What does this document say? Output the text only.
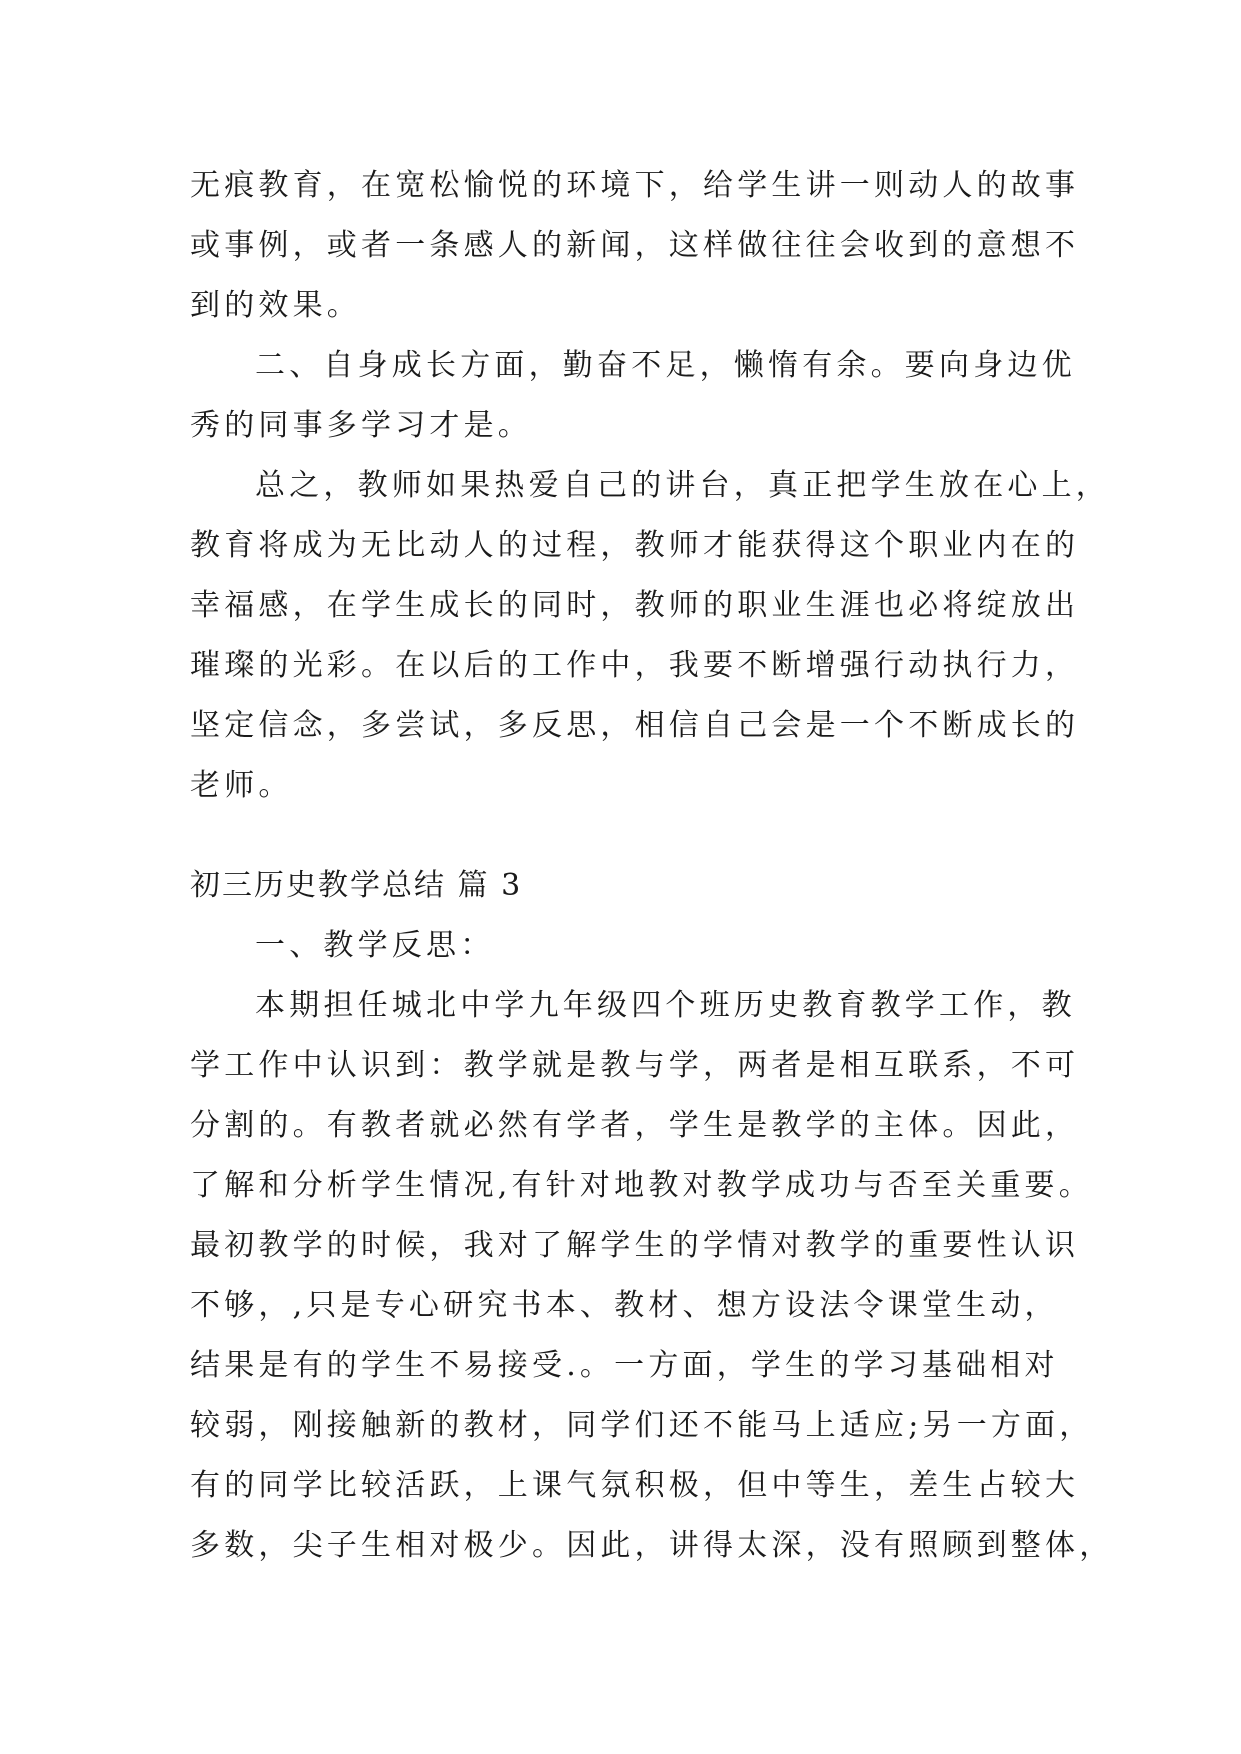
无痕教育，在宽松愉悦的环境下，给学生讲一则动人的故事
或事例，或者一条感人的新闻，这样做往往会收到的意想不
到的效果。
二、自身成长方面，勤奋不足，懒惰有余。要向身边优
秀的同事多学习才是。
总之，教师如果热爱自己的讲台，真正把学生放在心上，
教育将成为无比动人的过程，教师才能获得这个职业内在的
幸福感，在学生成长的同时，教师的职业生涯也必将绽放出
璀璨的光彩。在以后的工作中，我要不断增强行动执行力，
坚定信念，多尝试，多反思，相信自己会是一个不断成长的
老师。
初三历史教学总结 篇 3
一、教学反思：
本期担任城北中学九年级四个班历史教育教学工作，教
学工作中认识到：教学就是教与学，两者是相互联系，不可
分割的。有教者就必然有学者，学生是教学的主体。因此，
了解和分析学生情况,有针对地教对教学成功与否至关重要。
最初教学的时候，我对了解学生的学情对教学的重要性认识
不够，,只是专心研究书本、教材、想方设法令课堂生动，
结果是有的学生不易接受.。一方面，学生的学习基础相对
较弱，刚接触新的教材，同学们还不能马上适应;另一方面，
有的同学比较活跃，上课气氛积极，但中等生，差生占较大
多数，尖子生相对极少。因此，讲得太深，没有照顾到整体，
